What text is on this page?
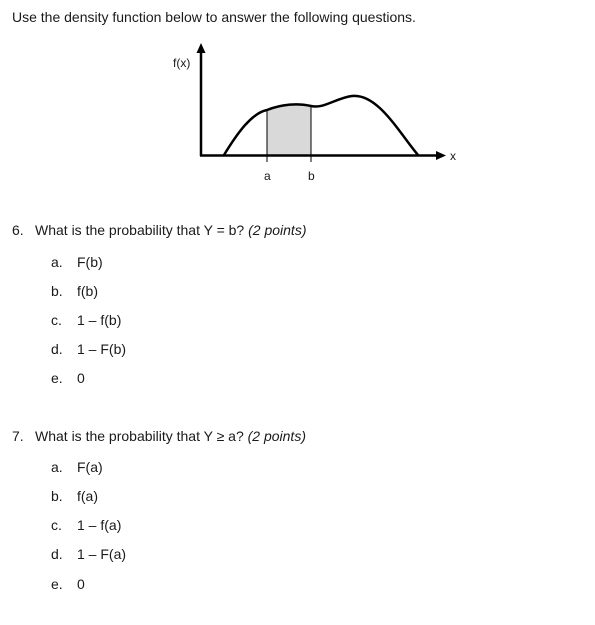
Use the density function below to answer the following questions.
f(x)
x
a	b
6. What is the probability that Y = b? (2 points)
a. F(b)
b. f(b)
c. 1 – f(b)
d. 1 – F(b)
e. 0
7. What is the probability that Y ≥ a? (2 points)
a. F(a)
b. f(a)
c. 1 – f(a)
d. 1 – F(a)
e. 0
